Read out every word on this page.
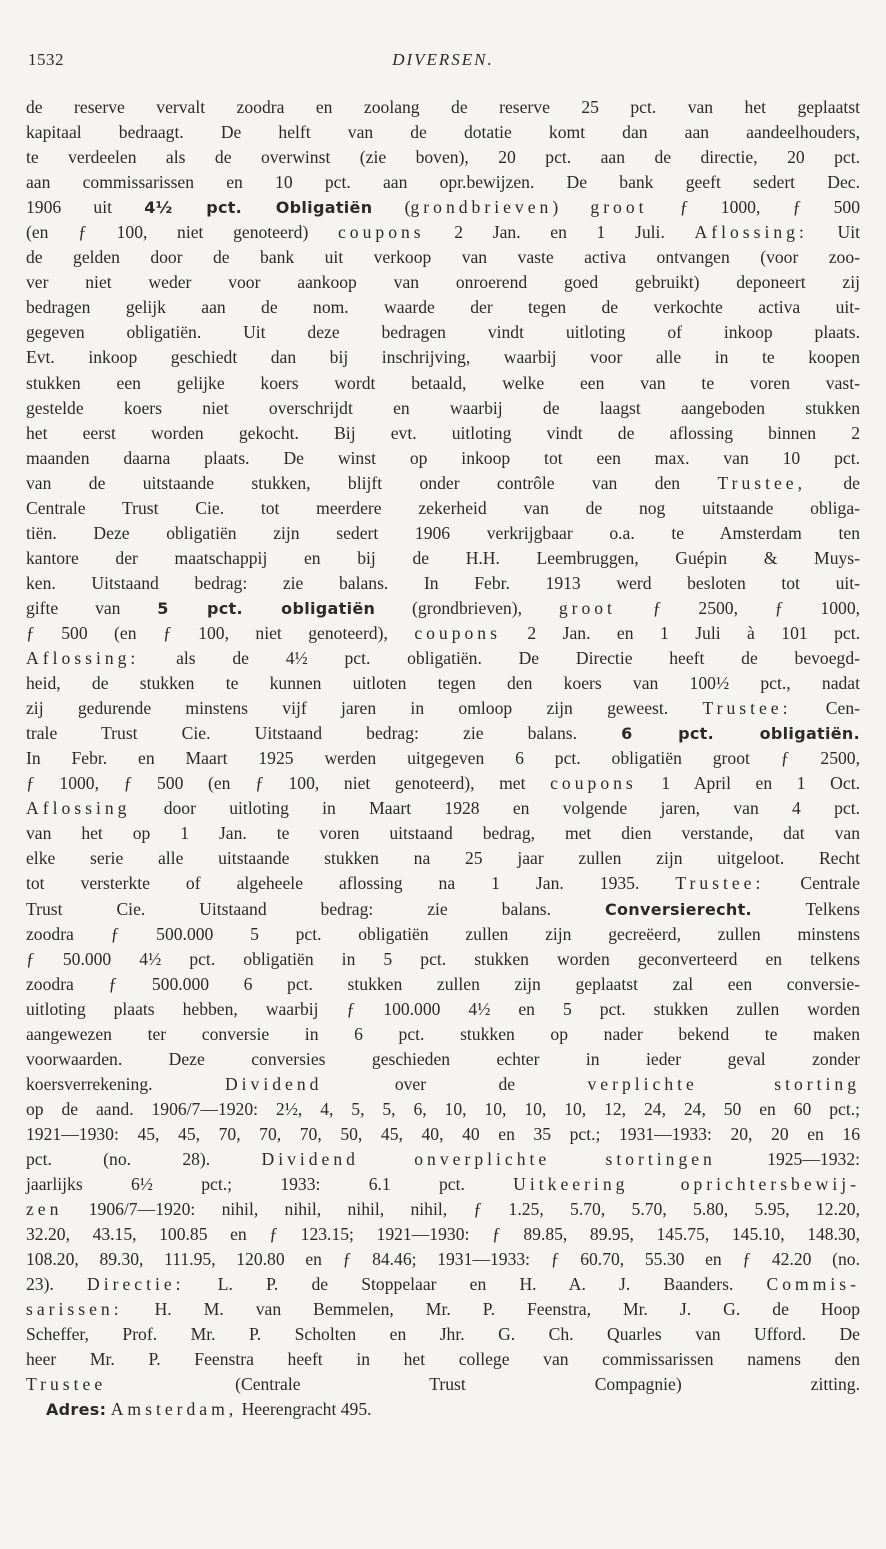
1532	DIVERSEN.
de reserve vervalt zoodra en zoolang de reserve 25 pct. van het geplaatst
kapitaal bedraagt. De helft van de dotatie komt dan aan aandeelhouders,
te verdeelen als de overwinst (zie boven), 20 pct. aan de directie, 20 pct.
aan commissarissen en 10 pct. aan opr.bewijzen. De bank geeft sedert Dec.
1906 uit 4½ pct. Obligatiën (grondbrieven) groot ƒ 1000, ƒ 500
(en ƒ 100, niet genoteerd) coupons 2 Jan. en 1 Juli. Aflossing: Uit
de gelden door de bank uit verkoop van vaste activa ontvangen (voor zoo-
ver niet weder voor aankoop van onroerend goed gebruikt) deponeert zij
bedragen gelijk aan de nom. waarde der tegen de verkochte activa uit-
gegeven obligatiën. Uit deze bedragen vindt uitloting of inkoop plaats.
Evt. inkoop geschiedt dan bij inschrijving, waarbij voor alle in te koopen
stukken een gelijke koers wordt betaald, welke een van te voren vast-
gestelde koers niet overschrijdt en waarbij de laagst aangeboden stukken
het eerst worden gekocht. Bij evt. uitloting vindt de aflossing binnen 2
maanden daarna plaats. De winst op inkoop tot een max. van 10 pct.
van de uitstaande stukken, blijft onder contrôle van den Trustee, de
Centrale Trust Cie. tot meerdere zekerheid van de nog uitstaande obliga-
tiën. Deze obligatiën zijn sedert 1906 verkrijgbaar o.a. te Amsterdam ten
kantore der maatschappij en bij de H.H. Leembruggen, Guépin & Muys-
ken. Uitstaand bedrag: zie balans. In Febr. 1913 werd besloten tot uit-
gifte van 5 pct. obligatiën (grondbrieven), groot ƒ 2500, ƒ 1000,
ƒ 500 (en ƒ 100, niet genoteerd), coupons 2 Jan. en 1 Juli à 101 pct.
Aflossing: als de 4½ pct. obligatiën. De Directie heeft de bevoegd-
heid, de stukken te kunnen uitloten tegen den koers van 100½ pct., nadat
zij gedurende minstens vijf jaren in omloop zijn geweest. Trustee: Cen-
trale Trust Cie. Uitstaand bedrag: zie balans. 6 pct. obligatiën.
In Febr. en Maart 1925 werden uitgegeven 6 pct. obligatiën groot ƒ 2500,
ƒ 1000, ƒ 500 (en ƒ 100, niet genoteerd), met coupons 1 April en 1 Oct.
Aflossing door uitloting in Maart 1928 en volgende jaren, van 4 pct.
van het op 1 Jan. te voren uitstaand bedrag, met dien verstande, dat van
elke serie alle uitstaande stukken na 25 jaar zullen zijn uitgeloot. Recht
tot versterkte of algeheele aflossing na 1 Jan. 1935. Trustee: Centrale
Trust Cie. Uitstaand bedrag: zie balans. Conversierecht. Telkens
zoodra ƒ 500.000 5 pct. obligatiën zullen zijn gecreëerd, zullen minstens
ƒ 50.000 4½ pct. obligatiën in 5 pct. stukken worden geconverteerd en telkens
zoodra ƒ 500.000 6 pct. stukken zullen zijn geplaatst zal een conversie-
uitloting plaats hebben, waarbij ƒ 100.000 4½ en 5 pct. stukken zullen worden
aangewezen ter conversie in 6 pct. stukken op nader bekend te maken
voorwaarden. Deze conversies geschieden echter in ieder geval zonder
koersverrekening. Dividend over de verplichte storting
op de aand. 1906/7—1920: 2½, 4, 5, 5, 6, 10, 10, 10, 10, 12, 24, 24, 50 en 60 pct.;
1921—1930: 45, 45, 70, 70, 70, 50, 45, 40, 40 en 35 pct.; 1931—1933: 20, 20 en 16
pct. (no. 28). Dividend onverplichte stortingen 1925—1932:
jaarlijks 6½ pct.; 1933: 6.1 pct. Uitkeering oprichtersbewij-
zen 1906/7—1920: nihil, nihil, nihil, nihil, ƒ 1.25, 5.70, 5.70, 5.80, 5.95, 12.20,
32.20, 43.15, 100.85 en ƒ 123.15; 1921—1930: ƒ 89.85, 89.95, 145.75, 145.10, 148.30,
108.20, 89.30, 111.95, 120.80 en ƒ 84.46; 1931—1933: ƒ 60.70, 55.30 en ƒ 42.20 (no.
23). Directie: L. P. de Stoppelaar en H. A. J. Baanders. Commis-
sarissen: H. M. van Bemmelen, Mr. P. Feenstra, Mr. J. G. de Hoop
Scheffer, Prof. Mr. P. Scholten en Jhr. G. Ch. Quarles van Ufford. De
heer Mr. P. Feenstra heeft in het college van commissarissen namens den
Trustee (Centrale Trust Compagnie) zitting.
Adres: Amsterdam, Heerengracht 495.
